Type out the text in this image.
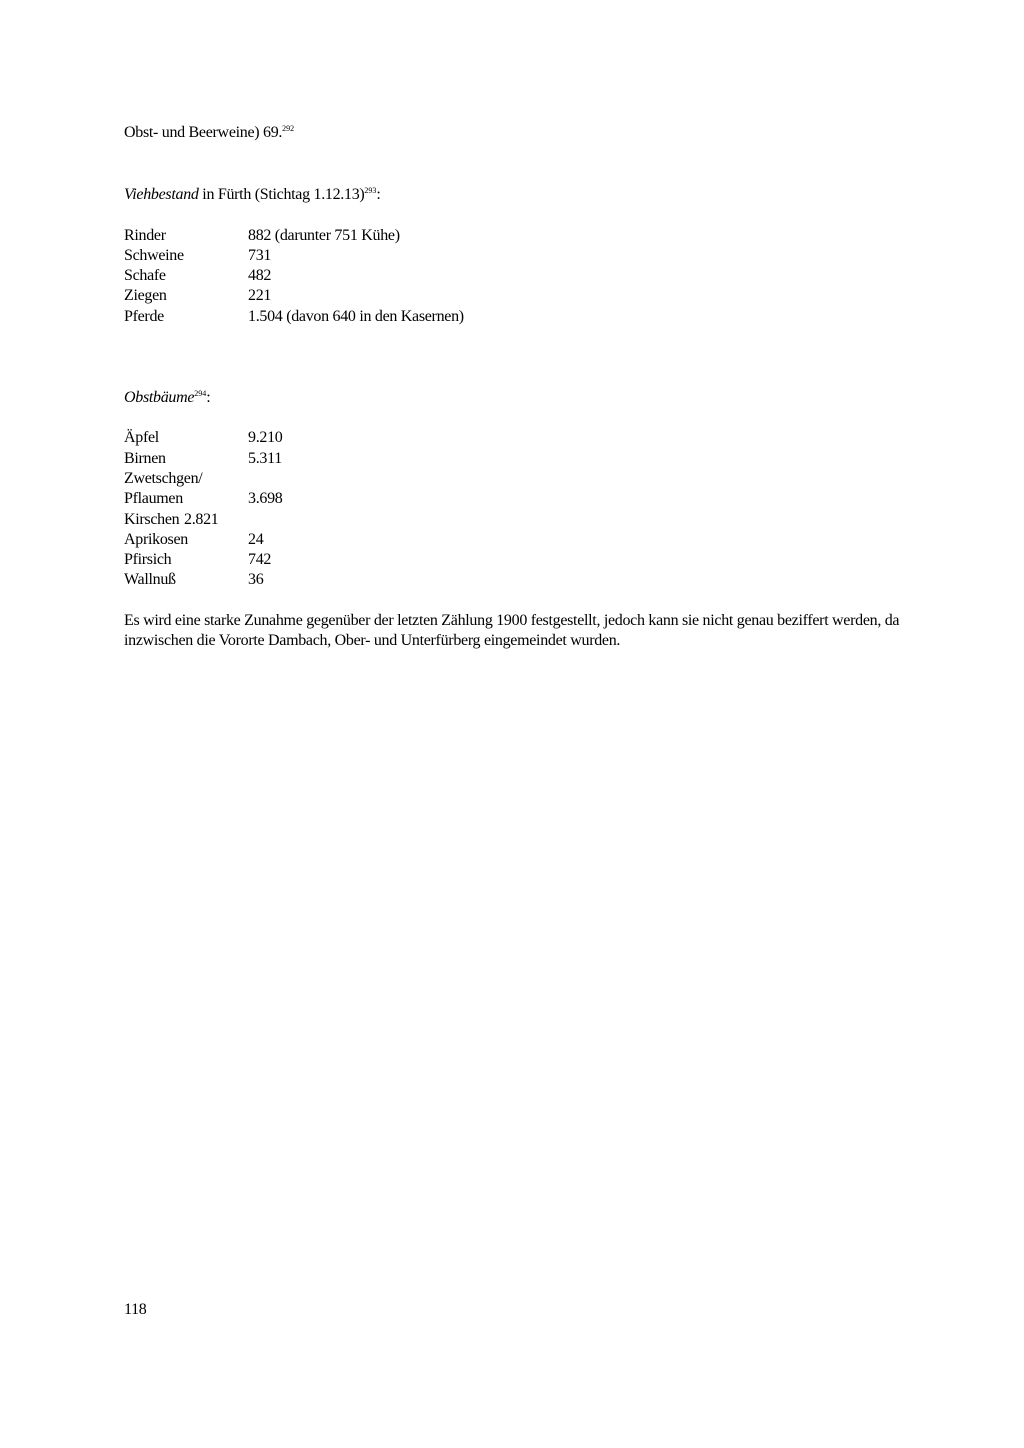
Obst- und Beerweine) 69.$^{292}$
Viehbestand in Fürth (Stichtag 1.12.13)$^{293}$:
Rinder	882 (darunter 751 Kühe)
Schweine	731
Schafe	482
Ziegen	221
Pferde	1.504 (davon 640 in den Kasernen)
Obstbäume$^{294}$:
Äpfel	9.210
Birnen	5.311
Zwetschgen/
Pflaumen	3.698
Kirschen 2.821
Aprikosen	24
Pfirsich	742
Wallnuß	36
Es wird eine starke Zunahme gegenüber der letzten Zählung 1900 festgestellt, jedoch kann sie nicht genau beziffert werden, da inzwischen die Vororte Dambach, Ober- und Unterfürberg eingemeindet wurden.
118
